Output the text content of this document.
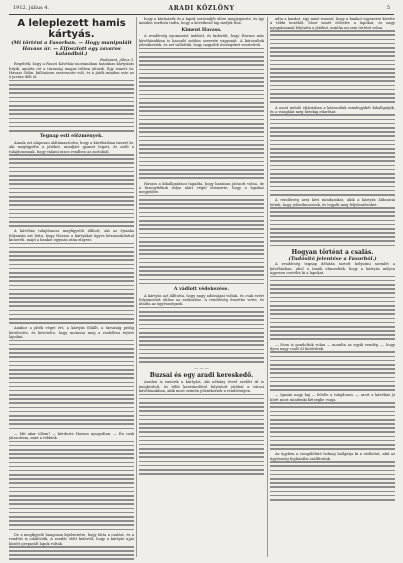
1912. július 4.	ARADI KÖZLÖNY	5
A leleplezett hamis kártyás.
(Mi történt a Fasorban. — Hogy manipulált Havass úr. — Elfoszlott egy zavaros kalandból.)
Budapest, július 3.

Regelték, hogy a Fasori Kávéház mostanában hatalmas kártyázás folyik, amióta ott a társaság magas tétben játszik. Egy ismert úr, Havass Ödön, különösen szerencsés volt, és a játék minden este az ő javára dőlt el.

Tegnap esti előzmények.

Annak ezt alaposan alátámasztotta, hogy a kávéházban ismert úr, aki megfigyelte a játékot, mindjárt gyanút fogott, és szólt a tulajdonosnak, hogy valami nincs rendben az asztalnál.

A kávéház tulajdonosa megfigyelőt állított, aki az éjszaka folyamán azt látta, hogy Havass a kártyákat ügyes kézmozdulattal kicseréli, majd a bankot egymás után elnyeri.

Amikor a játék véget ért, a kártyás fölállt, a társaság pedig körülvette, és követelte, hogy mutassa meg a zsebében rejtett lapokat.

— Mit akar tőlem? — kérdezte Havass nyugodtan. — Én csak játszottam, mint a többiek.

De a megfigyelő hangosan kijelentette, hogy látta a csalást, és a rendőrt is odahívták. A rendőr előtt kiderült, hogy a kártyás ujjai között preparált lapok voltak.

hogy a kártyázók és a lapok sorrendjét előre megjegyezte, és így minden esetben tudta, hogy a következő lap melyik lesz.

Kiment Havass.

A rendőrség nyomozást indított, és kiderült, hogy Havass más kávéházakban is hasonló módon szerezte vagyonát. A károsultak jelentkeztek, és azt vallották, hogy nagyobb összegeket vesztettek.

Havass a kihallgatáson tagadta, hogy hamisan játszott volna, de a bizonyítékok súlya alatt végül elismerte, hogy a lapokat megjelölte.

A vádlott védekezése.

A kártyás azt állította, hogy nagy adósságai voltak, és csak ezért folyamodott ehhez az eszközhöz. A rendőrség őrizetbe vette, és átadta az ügyészségnek.

— — —
Buzsai és egy aradi kereskedő.

Aradon is ismerik a kártyást, aki néhány évvel ezelőtt itt is megfordult, és több kereskedővel folytatott játékot a városi kávéházakban, akik most szintén jelentkeztek a rendőrségen.

adta a bankot, egy mást rosszul, hogy a bankot egyszerre kivette a többi kezéből. Most ismét elővette a lapokat, és nagy nyugalommal folytatta a játékot, mintha mi sem történt volna.

A most induló eljárásban a károsultak mindegyikét kihallgatják, és a vizsgálat még hetekig eltarthat.

A rendőrség arra kéri mindazokat, akik a kártyás áldozatai lettek, hogy jelentkezzenek, és tegyék meg feljelentésüket.

Hogyan történt a csalás.
(Tudósító jelentése a Fasorból.)

A rendőrség tegnap délután tartott helyszíni szemlét a kávéházban, ahol a tanúk elmondták, hogy a kártyás milyen ügyesen cserélte ki a lapokat.

— Nem is gondoltuk volna — mondta az egyik vendég —, hogy ilyen nagy csaló ül közöttünk.

— Igazán nagy baj — felelte a tulajdonos —, mert a kávéház jó hírét most mindenki kétségbe vonja.

Az ügyben a vizsgálóbíró holnap hallgatja ki a vádlottat, akit az ügyészség fogházába szállítottak.
